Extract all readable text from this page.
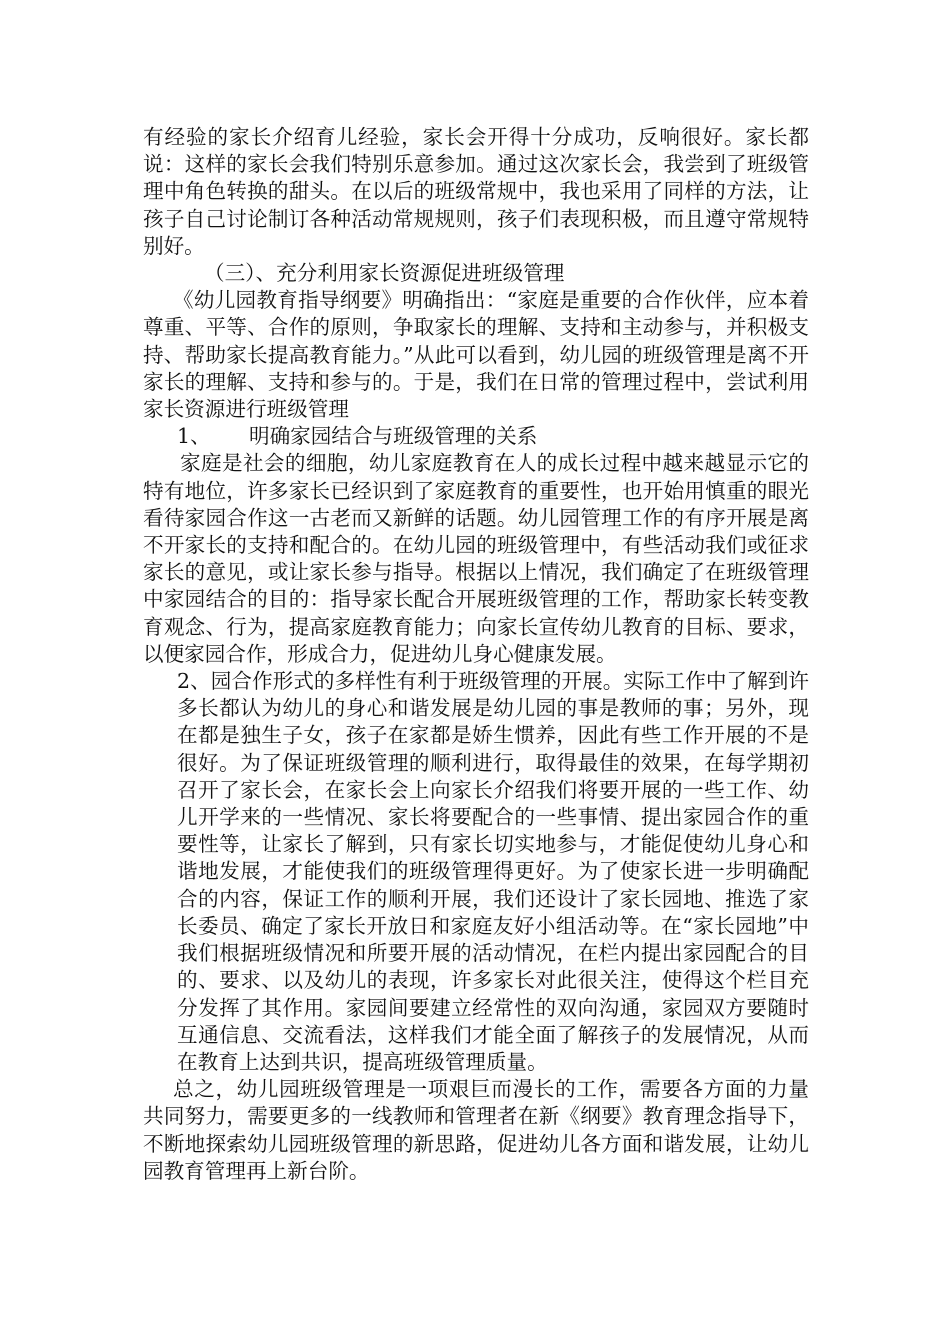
有经验的家长介绍育儿经验，家长会开得十分成功，反响很好。家长都说：这样的家长会我们特别乐意参加。通过这次家长会，我尝到了班级管理中角色转换的甜头。在以后的班级常规中，我也采用了同样的方法，让孩子自己讨论制订各种活动常规规则，孩子们表现积极，而且遵守常规特别好。

（三）、充分利用家长资源促进班级管理

《幼儿园教育指导纲要》明确指出：“家庭是重要的合作伙伴，应本着尊重、平等、合作的原则，争取家长的理解、支持和主动参与，并积极支持、帮助家长提高教育能力。”从此可以看到，幼儿园的班级管理是离不开家长的理解、支持和参与的。于是，我们在日常的管理过程中，尝试利用家长资源进行班级管理

1、 明确家园结合与班级管理的关系

家庭是社会的细胞，幼儿家庭教育在人的成长过程中越来越显示它的特有地位，许多家长已经识到了家庭教育的重要性，也开始用慎重的眼光看待家园合作这一古老而又新鲜的话题。幼儿园管理工作的有序开展是离不开家长的支持和配合的。在幼儿园的班级管理中，有些活动我们或征求家长的意见，或让家长参与指导。根据以上情况，我们确定了在班级管理中家园结合的目的：指导家长配合开展班级管理的工作，帮助家长转变教育观念、行为，提高家庭教育能力；向家长宣传幼儿教育的目标、要求，以便家园合作，形成合力，促进幼儿身心健康发展。

2、园合作形式的多样性有利于班级管理的开展。实际工作中了解到许多长都认为幼儿的身心和谐发展是幼儿园的事是教师的事；另外，现在都是独生子女，孩子在家都是娇生惯养，因此有些工作开展的不是很好。为了保证班级管理的顺利进行，取得最佳的效果，在每学期初召开了家长会，在家长会上向家长介绍我们将要开展的一些工作、幼儿开学来的一些情况、家长将要配合的一些事情、提出家园合作的重要性等，让家长了解到，只有家长切实地参与，才能促使幼儿身心和谐地发展，才能使我们的班级管理得更好。为了使家长进一步明确配合的内容，保证工作的顺利开展，我们还设计了家长园地、推选了家长委员、确定了家长开放日和家庭友好小组活动等。在“家长园地”中我们根据班级情况和所要开展的活动情况，在栏内提出家园配合的目的、要求、以及幼儿的表现，许多家长对此很关注，使得这个栏目充分发挥了其作用。家园间要建立经常性的双向沟通，家园双方要随时互通信息、交流看法，这样我们才能全面了解孩子的发展情况，从而在教育上达到共识，提高班级管理质量。

总之，幼儿园班级管理是一项艰巨而漫长的工作，需要各方面的力量共同努力，需要更多的一线教师和管理者在新《纲要》教育理念指导下，不断地探索幼儿园班级管理的新思路，促进幼儿各方面和谐发展，让幼儿园教育管理再上新台阶。
